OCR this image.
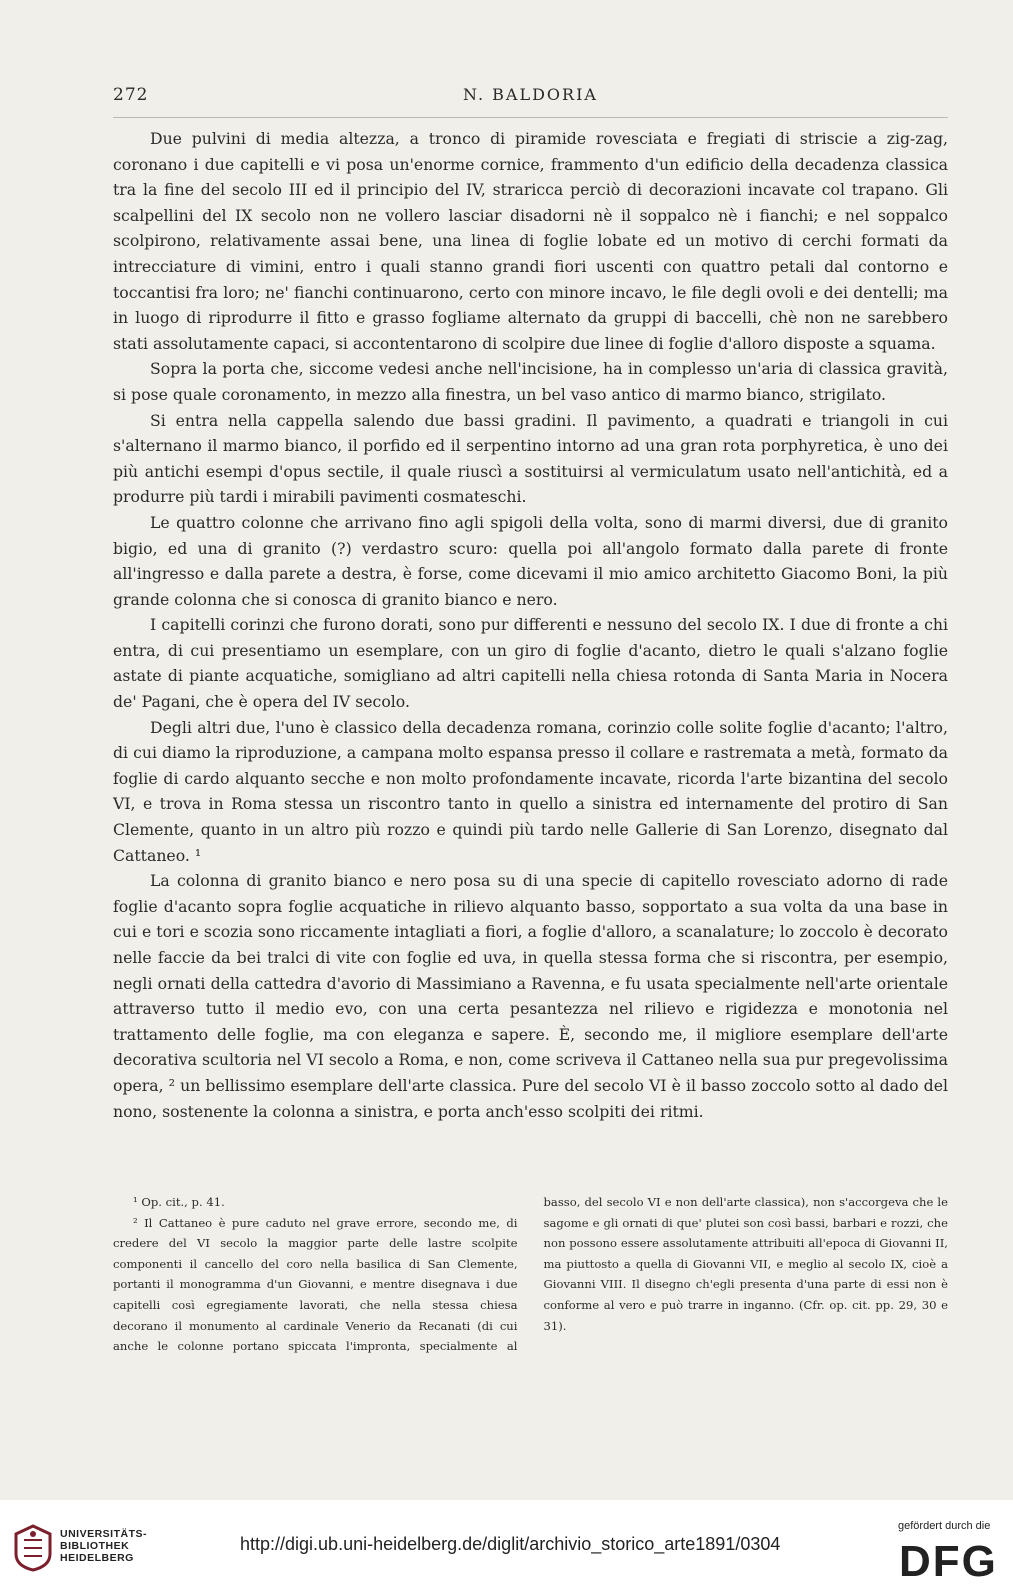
272	N. BALDORIA

Due pulvini di media altezza, a tronco di piramide rovesciata e fregiati di striscie a zig-zag, coronano i due capitelli e vi posa un'enorme cornice, frammento d'un edificio della decadenza classica tra la fine del secolo III ed il principio del IV, straricca perciò di decorazioni incavate col trapano. Gli scalpellini del IX secolo non ne vollero lasciar disadorni nè il soppalco nè i fianchi; e nel soppalco scolpirono, relativamente assai bene, una linea di foglie lobate ed un motivo di cerchi formati da intrecciature di vimini, entro i quali stanno grandi fiori uscenti con quattro petali dal contorno e toccantisi fra loro; ne' fianchi continuarono, certo con minore incavo, le file degli ovoli e dei dentelli; ma in luogo di riprodurre il fitto e grasso fogliame alternato da gruppi di baccelli, chè non ne sarebbero stati assolutamente capaci, si accontentarono di scolpire due linee di foglie d'alloro disposte a squama.

Sopra la porta che, siccome vedesi anche nell'incisione, ha in complesso un'aria di classica gravità, si pose quale coronamento, in mezzo alla finestra, un bel vaso antico di marmo bianco, strigilato.

Si entra nella cappella salendo due bassi gradini. Il pavimento, a quadrati e triangoli in cui s'alternano il marmo bianco, il porfido ed il serpentino intorno ad una gran rota porphyretica, è uno dei più antichi esempi d'opus sectile, il quale riuscì a sostituirsi al vermiculatum usato nell'antichità, ed a produrre più tardi i mirabili pavimenti cosmateschi.

Le quattro colonne che arrivano fino agli spigoli della volta, sono di marmi diversi, due di granito bigio, ed una di granito (?) verdastro scuro: quella poi all'angolo formato dalla parete di fronte all'ingresso e dalla parete a destra, è forse, come dicevami il mio amico architetto Giacomo Boni, la più grande colonna che si conosca di granito bianco e nero.

I capitelli corinzi che furono dorati, sono pur differenti e nessuno del secolo IX. I due di fronte a chi entra, di cui presentiamo un esemplare, con un giro di foglie d'acanto, dietro le quali s'alzano foglie astate di piante acquatiche, somigliano ad altri capitelli nella chiesa rotonda di Santa Maria in Nocera de' Pagani, che è opera del IV secolo.

Degli altri due, l'uno è classico della decadenza romana, corinzio colle solite foglie d'acanto; l'altro, di cui diamo la riproduzione, a campana molto espansa presso il collare e rastremata a metà, formato da foglie di cardo alquanto secche e non molto profondamente incavate, ricorda l'arte bizantina del secolo VI, e trova in Roma stessa un riscontro tanto in quello a sinistra ed internamente del protiro di San Clemente, quanto in un altro più rozzo e quindi più tardo nelle Gallerie di San Lorenzo, disegnato dal Cattaneo. ¹

La colonna di granito bianco e nero posa su di una specie di capitello rovesciato adorno di rade foglie d'acanto sopra foglie acquatiche in rilievo alquanto basso, sopportato a sua volta da una base in cui e tori e scozia sono riccamente intagliati a fiori, a foglie d'alloro, a scanalature; lo zoccolo è decorato nelle faccie da bei tralci di vite con foglie ed uva, in quella stessa forma che si riscontra, per esempio, negli ornati della cattedra d'avorio di Massimiano a Ravenna, e fu usata specialmente nell'arte orientale attraverso tutto il medio evo, con una certa pesantezza nel rilievo e rigidezza e monotonia nel trattamento delle foglie, ma con eleganza e sapere. È, secondo me, il migliore esemplare dell'arte decorativa scultoria nel VI secolo a Roma, e non, come scriveva il Cattaneo nella sua pur pregevolissima opera, ² un bellissimo esemplare dell'arte classica. Pure del secolo VI è il basso zoccolo sotto al dado del nono, sostenente la colonna a sinistra, e porta anch'esso scolpiti dei ritmi.

¹ Op. cit., p. 41.

² Il Cattaneo è pure caduto nel grave errore, secondo me, di credere del VI secolo la maggior parte delle lastre scolpite componenti il cancello del coro nella basilica di San Clemente, portanti il monogramma d'un Giovanni, e mentre disegnava i due capitelli così egregiamente lavorati, che nella stessa chiesa decorano il monumento al cardinale Venerio da Recanati (di cui anche le colonne portano spiccata l'impronta, specialmente al basso, del secolo VI e non dell'arte classica), non s'accorgeva che le sagome e gli ornati di que' plutei son così bassi, barbari e rozzi, che non possono essere assolutamente attribuiti all'epoca di Giovanni II, ma piuttosto a quella di Giovanni VII, e meglio al secolo IX, cioè a Giovanni VIII. Il disegno ch'egli presenta d'una parte di essi non è conforme al vero e può trarre in inganno. (Cfr. op. cit. pp. 29, 30 e 31).

UNIVERSITÄTS-
BIBLIOTHEK
HEIDELBERG
http://digi.ub.uni-heidelberg.de/diglit/archivio_storico_arte1891/0304
gefördert durch die
DFG
